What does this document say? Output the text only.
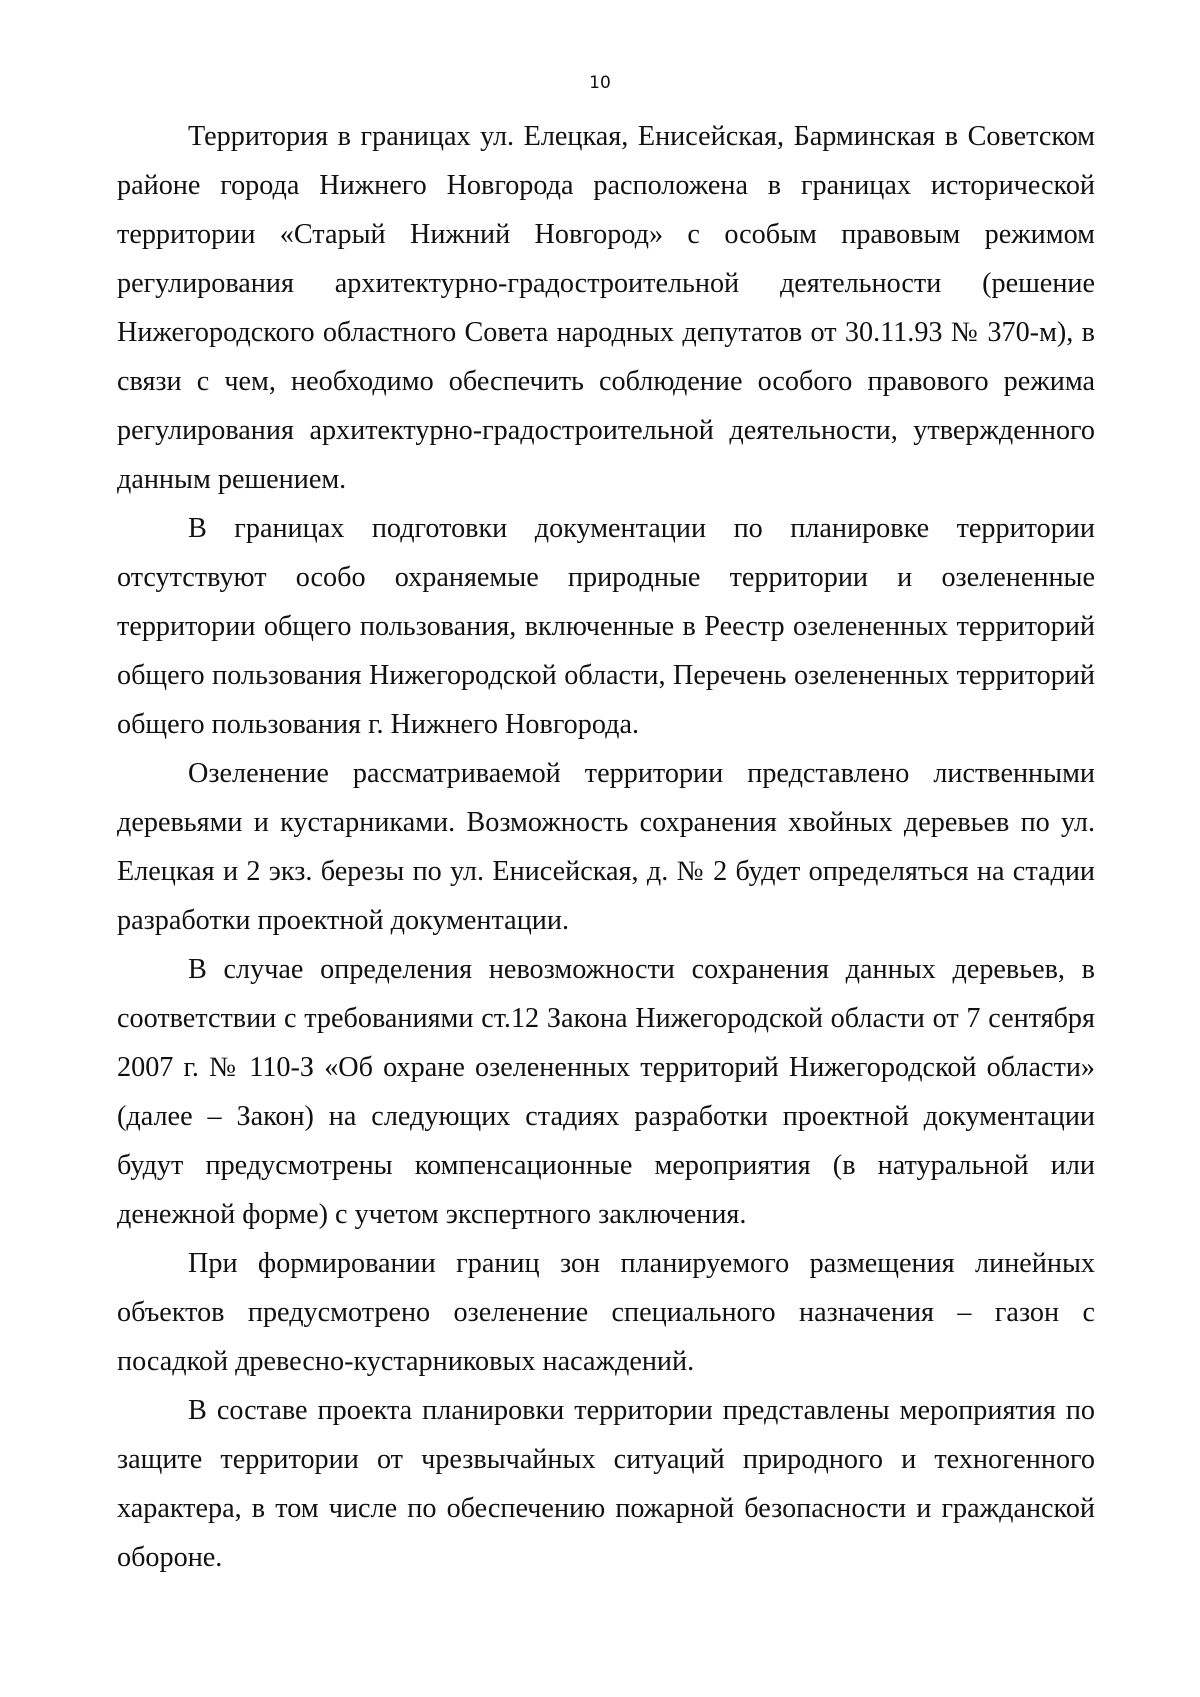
10

Территория в границах ул. Елецкая, Енисейская, Барминская в Советском районе города Нижнего Новгорода расположена в границах исторической территории «Старый Нижний Новгород» с особым правовым режимом регулирования архитектурно-градостроительной деятельности (решение Нижегородского областного Совета народных депутатов от 30.11.93 № 370-м), в связи с чем, необходимо обеспечить соблюдение особого правового режима регулирования архитектурно-градостроительной деятельности, утвержденного данным решением.

В границах подготовки документации по планировке территории отсутствуют особо охраняемые природные территории и озелененные территории общего пользования, включенные в Реестр озелененных территорий общего пользования Нижегородской области, Перечень озелененных территорий общего пользования г. Нижнего Новгорода.

Озеленение рассматриваемой территории представлено лиственными деревьями и кустарниками. Возможность сохранения хвойных деревьев по ул. Елецкая и 2 экз. березы по ул. Енисейская, д. № 2 будет определяться на стадии разработки проектной документации.

В случае определения невозможности сохранения данных деревьев, в соответствии с требованиями ст.12 Закона Нижегородской области от 7 сентября 2007 г. № 110-З «Об охране озелененных территорий Нижегородской области» (далее – Закон) на следующих стадиях разработки проектной документации будут предусмотрены компенсационные мероприятия (в натуральной или денежной форме) с учетом экспертного заключения.

При формировании границ зон планируемого размещения линейных объектов предусмотрено озеленение специального назначения – газон с посадкой древесно-кустарниковых насаждений.

В составе проекта планировки территории представлены мероприятия по защите территории от чрезвычайных ситуаций природного и техногенного характера, в том числе по обеспечению пожарной безопасности и гражданской обороне.
